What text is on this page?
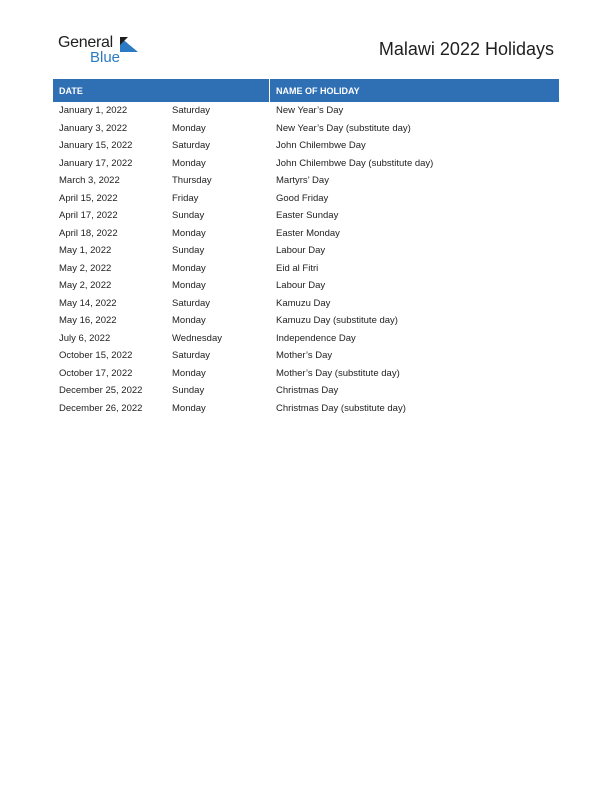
General
Blue	Malawi 2022 Holidays
DATE	NAME OF HOLIDAY
January 1, 2022	Saturday	New Year’s Day
January 3, 2022	Monday	New Year’s Day (substitute day)
January 15, 2022	Saturday	John Chilembwe Day
January 17, 2022	Monday	John Chilembwe Day (substitute day)
March 3, 2022	Thursday	Martyrs’ Day
April 15, 2022	Friday	Good Friday
April 17, 2022	Sunday	Easter Sunday
April 18, 2022	Monday	Easter Monday
May 1, 2022	Sunday	Labour Day
May 2, 2022	Monday	Eid al Fitri
May 2, 2022	Monday	Labour Day
May 14, 2022	Saturday	Kamuzu Day
May 16, 2022	Monday	Kamuzu Day (substitute day)
July 6, 2022	Wednesday	Independence Day
October 15, 2022	Saturday	Mother’s Day
October 17, 2022	Monday	Mother’s Day (substitute day)
December 25, 2022	Sunday	Christmas Day
December 26, 2022	Monday	Christmas Day (substitute day)
